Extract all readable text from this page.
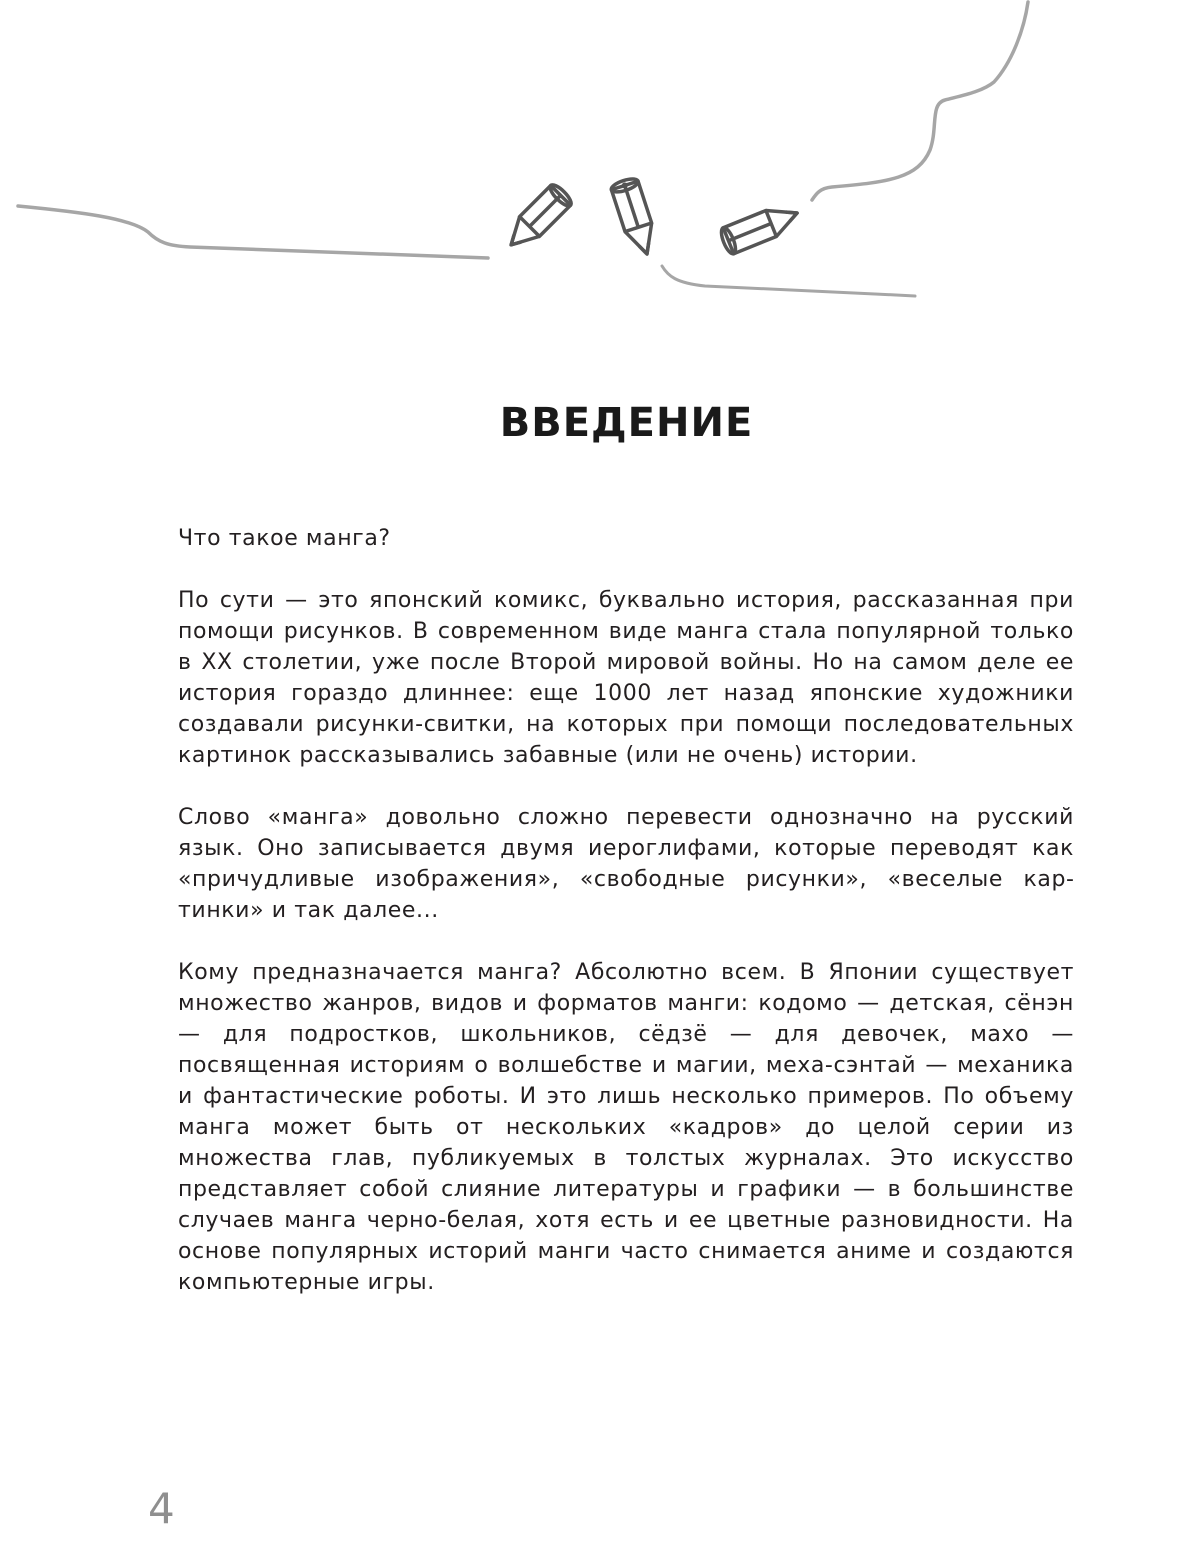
ВВЕДЕНИЕ

Что такое манга?

По сути — это японский комикс, буквально история, рассказанная при помощи рисунков. В современном виде манга стала популярной только в XX столетии, уже после Второй мировой войны. Но на самом деле ее история гораздо длиннее: еще 1000 лет назад японские художники создавали рисунки-свитки, на которых при помощи последовательных картинок рассказывались забавные (или не очень) истории.

Слово «манга» довольно сложно перевести однозначно на русский язык. Оно записывается двумя иероглифами, которые переводят как «причудливые изображения», «свободные рисунки», «веселые картинки» и так далее...

Кому предназначается манга? Абсолютно всем. В Японии существует множество жанров, видов и форматов манги: кодомо — детская, сёнэн — для подростков, школьников, сёдзё — для девочек, махо — посвященная историям о волшебстве и магии, меха-сэнтай — механика и фантастические роботы. И это лишь несколько примеров. По объему манга может быть от нескольких «кадров» до целой серии из множества глав, публикуемых в толстых журналах. Это искусство представляет собой слияние литературы и графики — в большинстве случаев манга черно-белая, хотя есть и ее цветные разновидности. На основе популярных историй манги часто снимается аниме и создаются компьютерные игры.

4
